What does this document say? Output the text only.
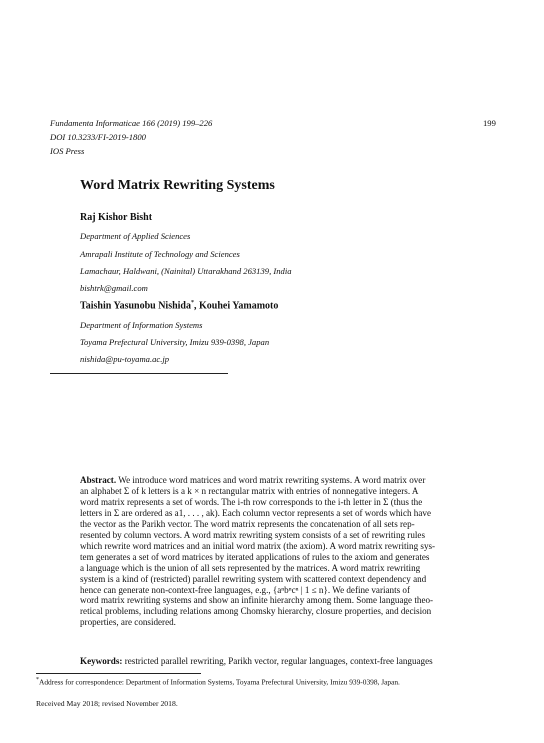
Fundamenta Informaticae 166 (2019) 199–226	199
DOI 10.3233/FI-2019-1800
IOS Press
Word Matrix Rewriting Systems
Raj Kishor Bisht
Department of Applied Sciences
Amrapali Institute of Technology and Sciences
Lamachaur, Haldwani, (Nainital) Uttarakhand 263139, India
bishtrk@gmail.com
Taishin Yasunobu Nishida*, Kouhei Yamamoto
Department of Information Systems
Toyama Prefectural University, Imizu 939-0398, Japan
nishida@pu-toyama.ac.jp
Abstract. We introduce word matrices and word matrix rewriting systems. A word matrix over
an alphabet Σ of k letters is a k × n rectangular matrix with entries of nonnegative integers. A
word matrix represents a set of words. The i-th row corresponds to the i-th letter in Σ (thus the
letters in Σ are ordered as a1, . . . , ak). Each column vector represents a set of words which have
the vector as the Parikh vector. The word matrix represents the concatenation of all sets rep-
resented by column vectors. A word matrix rewriting system consists of a set of rewriting rules
which rewrite word matrices and an initial word matrix (the axiom). A word matrix rewriting sys-
tem generates a set of word matrices by iterated applications of rules to the axiom and generates
a language which is the union of all sets represented by the matrices. A word matrix rewriting
system is a kind of (restricted) parallel rewriting system with scattered context dependency and
hence can generate non-context-free languages, e.g., {aⁿbⁿcⁿ | 1 ≤ n}. We define variants of
word matrix rewriting systems and show an infinite hierarchy among them. Some language theo-
retical problems, including relations among Chomsky hierarchy, closure properties, and decision
properties, are considered.
Keywords: restricted parallel rewriting, Parikh vector, regular languages, context-free languages
*Address for correspondence: Department of Information Systems, Toyama Prefectural University, Imizu 939-0398, Japan.
Received May 2018; revised November 2018.
